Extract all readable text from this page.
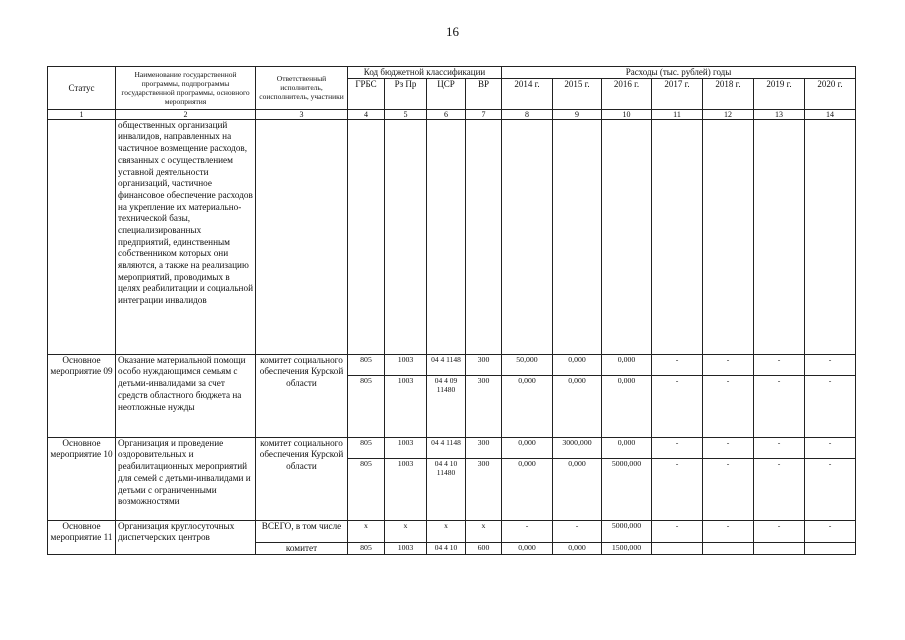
16
Статус	Наименование государственной программы, подпрограммы государственной программы, основного мероприятия	Ответственный исполнитель, соисполнитель, участники	Код бюджетной классификации				Расходы (тыс. рублей) годы						
			ГРБС	Рз Пр	ЦСР	ВР	2014 г.	2015 г.	2016 г.	2017 г.	2018 г.	2019 г.	2020 г.
1	2	3	4	5	6	7	8	9	10	11	12	13	14
	общественных организаций инвалидов, направленных на частичное возмещение расходов, связанных с осуществлением уставной деятельности организаций, частичное финансовое обеспечение расходов на укрепление их материально-технической базы, специализированных предприятий, единственным собственником которых они являются, а также на реализацию мероприятий, проводимых в целях реабилитации и социальной интеграции инвалидов												
Основное мероприятие 09	Оказание материальной помощи особо нуждающимся семьям с детьми-инвалидами за счет средств областного бюджета на неотложные нужды	комитет социального обеспечения Курской области	805	1003	04 4 1148	300	50,000	0,000	0,000	-	-	-	-
			805	1003	04 4 09 11480	300	0,000	0,000	0,000	-	-	-	-
Основное мероприятие 10	Организация и проведение оздоровительных и реабилитационных мероприятий для семей с детьми-инвалидами и детьми с ограниченными возможностями	комитет социального обеспечения Курской области	805	1003	04 4 1148	300	0,000	3000,000	0,000	-	-	-	-
			805	1003	04 4 10 11480	300	0,000	0,000	5000,000	-	-	-	-
Основное мероприятие 11	Организация круглосуточных диспетчерских центров	ВСЕГО, в том числе	х	х	х	х	-	-	5000,000	-	-	-	-
		комитет	805	1003	04 4 10	600	0,000	0,000	1500,000				
